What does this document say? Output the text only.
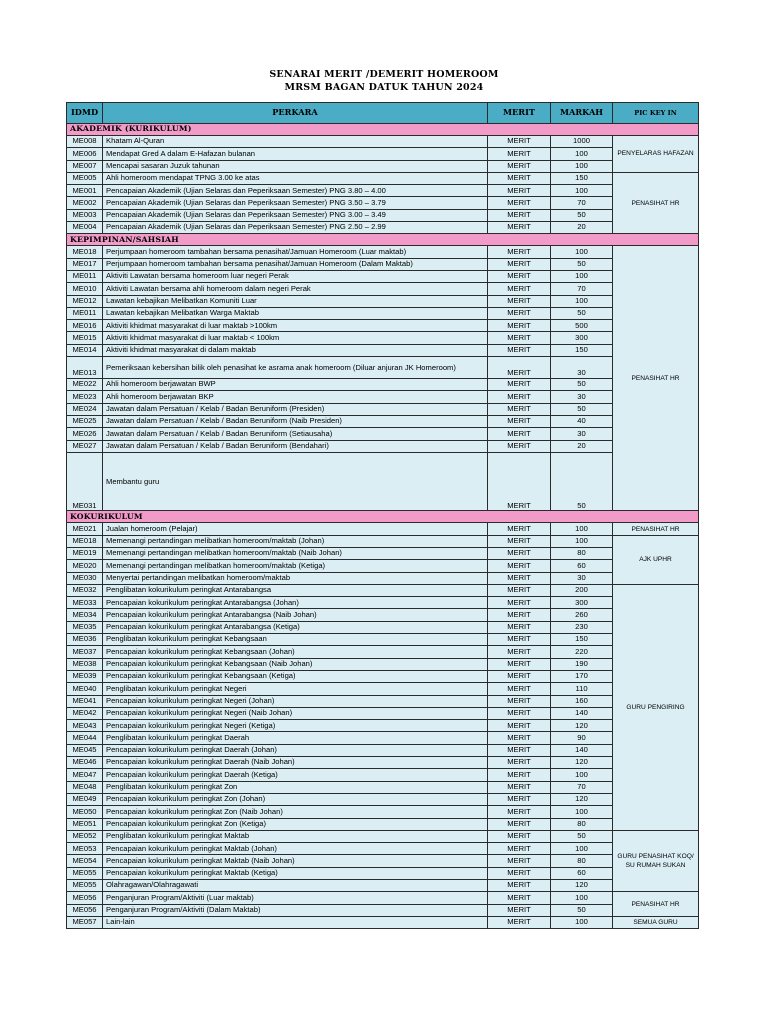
SENARAI MERIT /DEMERIT HOMEROOM
MRSM BAGAN DATUK TAHUN 2024
IDMD	PERKARA	MERIT	MARKAH	PIC KEY IN	
AKADEMIK (KURIKULUM)					
ME008	Khatam Al-Quran	MERIT	1000	PENYELARAS HAFAZAN	
ME006	Mendapat Gred A dalam E-Hafazan bulanan	MERIT	100		
ME007	Mencapai sasaran Juzuk tahunan	MERIT	100		
ME005	Ahli homeroom mendapat TPNG 3.00 ke atas	MERIT	150	PENASIHAT HR	
ME001	Pencapaian Akademik (Ujian Selaras dan Peperiksaan Semester) PNG 3.80 – 4.00	MERIT	100		
ME002	Pencapaian Akademik (Ujian Selaras dan Peperiksaan Semester) PNG 3.50 – 3.79	MERIT	70		
ME003	Pencapaian Akademik (Ujian Selaras dan Peperiksaan Semester) PNG 3.00 – 3.49	MERIT	50		
ME004	Pencapaian Akademik (Ujian Selaras dan Peperiksaan Semester) PNG 2.50 – 2.99	MERIT	20		
KEPIMPINAN/SAHSIAH					
ME018	Perjumpaan homeroom tambahan bersama penasihat/Jamuan Homeroom (Luar maktab)	MERIT	100	PENASIHAT HR	
ME017	Perjumpaan homeroom tambahan bersama penasihat/Jamuan Homeroom (Dalam Maktab)	MERIT	50		
ME011	Aktiviti Lawatan bersama homeroom luar negeri Perak	MERIT	100		
ME010	Aktiviti Lawatan bersama ahli homeroom dalam negeri Perak	MERIT	70		
ME012	Lawatan kebajikan Melibatkan Komuniti Luar	MERIT	100		
ME011	Lawatan kebajikan Melibatkan Warga Maktab	MERIT	50		
ME016	Aktiviti khidmat masyarakat di luar maktab >100km	MERIT	500		
ME015	Aktiviti khidmat masyarakat di luar maktab < 100km	MERIT	300		
ME014	Aktiviti khidmat masyarakat di dalam maktab	MERIT	150		
ME013	Pemeriksaan kebersihan bilik oleh penasihat ke asrama anak homeroom (Diluar anjuran JK Homeroom)	MERIT	30		
ME022	Ahli homeroom berjawatan BWP	MERIT	50		
ME023	Ahli homeroom berjawatan BKP	MERIT	30		
ME024	Jawatan dalam Persatuan / Kelab / Badan Beruniform (Presiden)	MERIT	50		
ME025	Jawatan dalam Persatuan / Kelab / Badan Beruniform (Naib Presiden)	MERIT	40		
ME026	Jawatan dalam Persatuan / Kelab / Badan Beruniform (Setiausaha)	MERIT	30		
ME027	Jawatan dalam Persatuan / Kelab / Badan Beruniform (Bendahari)	MERIT	20		
ME031	Membantu guru	MERIT	50	
KOKURIKULUM					
ME021	Jualan homeroom (Pelajar)	MERIT	100	PENASIHAT HR	
ME018	Memenangi pertandingan melibatkan homeroom/maktab (Johan)	MERIT	100	AJK UPHR	
ME019	Memenangi pertandingan melibatkan homeroom/maktab (Naib Johan)	MERIT	80		
ME020	Memenangi pertandingan melibatkan homeroom/maktab (Ketiga)	MERIT	60		
ME030	Menyertai pertandingan melibatkan homeroom/maktab	MERIT	30		
ME032	Penglibatan kokurikulum peringkat Antarabangsa	MERIT	200	GURU PENGIRING	
ME033	Pencapaian kokurikulum peringkat Antarabangsa (Johan)	MERIT	300		
ME034	Pencapaian kokurikulum peringkat Antarabangsa (Naib Johan)	MERIT	260		
ME035	Pencapaian kokurikulum peringkat Antarabangsa (Ketiga)	MERIT	230		
ME036	Penglibatan kokurikulum peringkat Kebangsaan	MERIT	150		
ME037	Pencapaian kokurikulum peringkat Kebangsaan (Johan)	MERIT	220		
ME038	Pencapaian kokurikulum peringkat Kebangsaan (Naib Johan)	MERIT	190		
ME039	Pencapaian kokurikulum peringkat Kebangsaan (Ketiga)	MERIT	170		
ME040	Penglibatan kokurikulum peringkat Negeri	MERIT	110		
ME041	Pencapaian kokurikulum peringkat Negeri (Johan)	MERIT	160		
ME042	Pencapaian kokurikulum peringkat Negeri (Naib Johan)	MERIT	140		
ME043	Pencapaian kokurikulum peringkat Negeri (Ketiga)	MERIT	120		
ME044	Penglibatan kokurikulum peringkat Daerah	MERIT	90		
ME045	Pencapaian kokurikulum peringkat Daerah (Johan)	MERIT	140		
ME046	Pencapaian kokurikulum peringkat Daerah (Naib Johan)	MERIT	120		
ME047	Pencapaian kokurikulum peringkat Daerah (Ketiga)	MERIT	100		
ME048	Penglibatan kokurikulum peringkat Zon	MERIT	70		
ME049	Pencapaian kokurikulum peringkat Zon (Johan)	MERIT	120		
ME050	Pencapaian kokurikulum peringkat Zon (Naib Johan)	MERIT	100		
ME051	Pencapaian kokurikulum peringkat Zon (Ketiga)	MERIT	80		
ME052	Penglibatan kokurikulum peringkat Maktab	MERIT	50	GURU PENASIHAT KOQ/ SU RUMAH SUKAN	
ME053	Pencapaian kokurikulum peringkat Maktab (Johan)	MERIT	100		
ME054	Pencapaian kokurikulum peringkat Maktab (Naib Johan)	MERIT	80		
ME055	Pencapaian kokurikulum peringkat Maktab (Ketiga)	MERIT	60		
ME055	Olahragawan/Olahragawati	MERIT	120		
ME056	Penganjuran Program/Aktiviti (Luar maktab)	MERIT	100	PENASIHAT HR	
ME056	Penganjuran Program/Aktiviti (Dalam Maktab)	MERIT	50		
ME057	Lain-lain	MERIT	100	SEMUA GURU	
